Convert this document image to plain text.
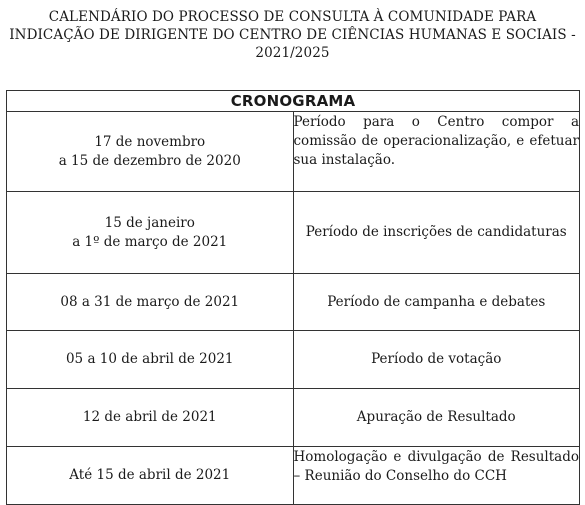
CALENDÁRIO DO PROCESSO DE CONSULTA À COMUNIDADE PARA
INDICAÇÃO DE DIRIGENTE DO CENTRO DE CIÊNCIAS HUMANAS E SOCIAIS -
2021/2025
CRONOGRAMA	

17 de novembro
a 15 de dezembro de 2020	Período para o Centro compor a comissão de operacionalização, e efetuar sua instalação.

15 de janeiro
a 1º de março de 2021	Período de inscrições de candidaturas

08 a 31 de março de 2021	Período de campanha e debates

05 a 10 de abril de 2021	Período de votação

12 de abril de 2021	Apuração de Resultado

Até 15 de abril de 2021	Homologação e divulgação de Resultado – Reunião do Conselho do CCH
